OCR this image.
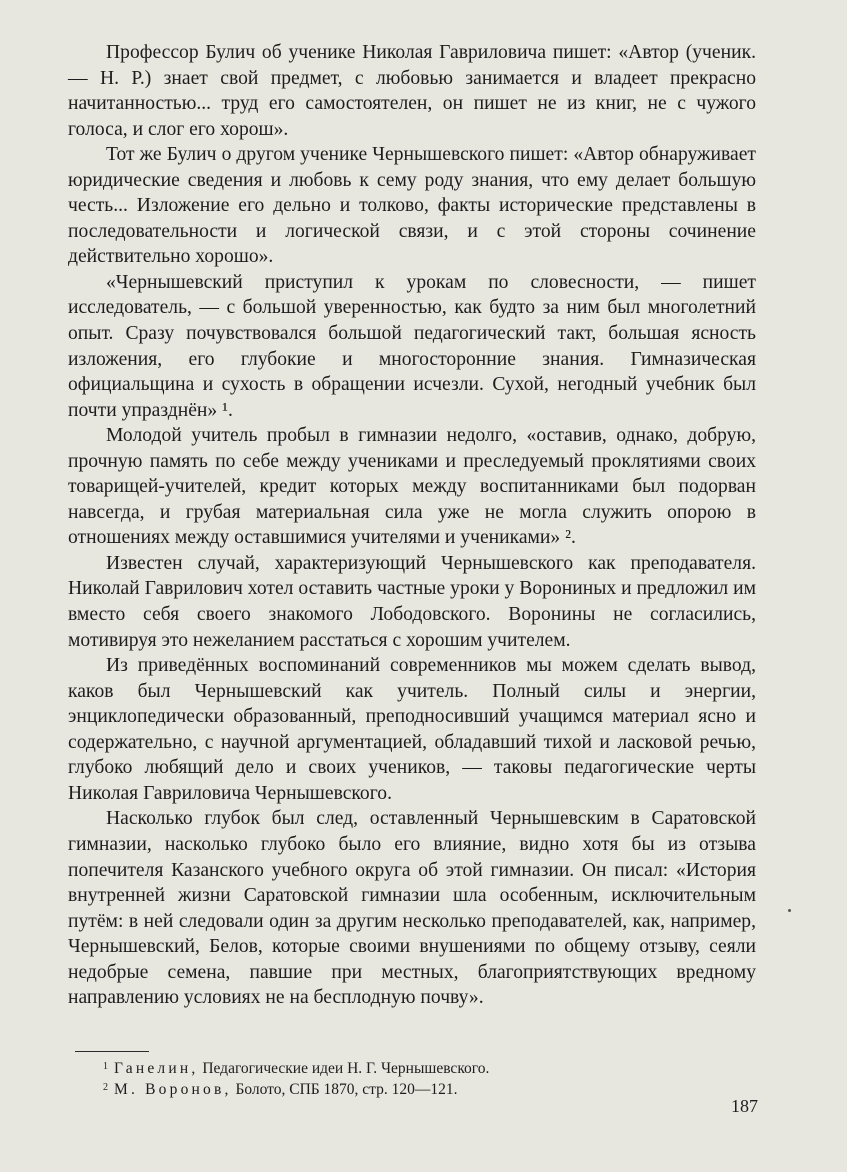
Профессор Булич об ученике Николая Гавриловича пишет: «Автор (ученик. — Н. Р.) знает свой предмет, с любовью занимается и владеет прекрасно начитанностью... труд его самостоятелен, он пишет не из книг, не с чужого голоса, и слог его хорош».

Тот же Булич о другом ученике Чернышевского пишет: «Автор обнаруживает юридические сведения и любовь к сему роду знания, что ему делает большую честь... Изложение его дельно и толково, факты исторические представлены в последовательности и логической связи, и с этой стороны сочинение действительно хорошо».

«Чернышевский приступил к урокам по словесности, — пишет исследователь, — с большой уверенностью, как будто за ним был многолетний опыт. Сразу почувствовался большой педагогический такт, большая ясность изложения, его глубокие и многосторонние знания. Гимназическая официальщина и сухость в обращении исчезли. Сухой, негодный учебник был почти упразднён» ¹.

Молодой учитель пробыл в гимназии недолго, «оставив, однако, добрую, прочную память по себе между учениками и преследуемый проклятиями своих товарищей-учителей, кредит которых между воспитанниками был подорван навсегда, и грубая материальная сила уже не могла служить опорою в отношениях между оставшимися учителями и учениками» ².

Известен случай, характеризующий Чернышевского как преподавателя. Николай Гаврилович хотел оставить частные уроки у Ворониных и предложил им вместо себя своего знакомого Лободовского. Воронины не согласились, мотивируя это нежеланием расстаться с хорошим учителем.

Из приведённых воспоминаний современников мы можем сделать вывод, каков был Чернышевский как учитель. Полный силы и энергии, энциклопедически образованный, преподносивший учащимся материал ясно и содержательно, с научной аргументацией, обладавший тихой и ласковой речью, глубоко любящий дело и своих учеников, — таковы педагогические черты Николая Гавриловича Чернышевского.

Насколько глубок был след, оставленный Чернышевским в Саратовской гимназии, насколько глубоко было его влияние, видно хотя бы из отзыва попечителя Казанского учебного округа об этой гимназии. Он писал: «История внутренней жизни Саратовской гимназии шла особенным, исключительным путём: в ней следовали один за другим несколько преподавателей, как, например, Чернышевский, Белов, которые своими внушениями по общему отзыву, сеяли недобрые семена, павшие при местных, благоприятствующих вредному направлению условиях не на бесплодную почву».

$^1$ Ганелин, Педагогические идеи Н. Г. Чернышевского.
$^2$ М. Воронов, Болото, СПБ 1870, стр. 120—121.
187
